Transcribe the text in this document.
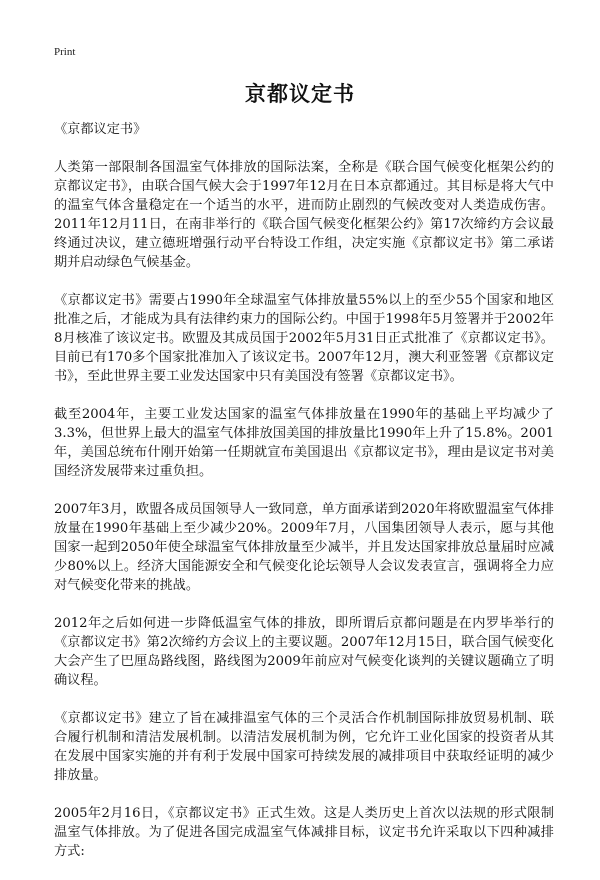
Print
京都议定书
《京都议定书》

人类第一部限制各国温室气体排放的国际法案，全称是《联合国气候变化框架公约的京都议定书》，由联合国气候大会于1997年12月在日本京都通过。其目标是将大气中的温室气体含量稳定在一个适当的水平，进而防止剧烈的气候改变对人类造成伤害。2011年12月11日，在南非举行的《联合国气候变化框架公约》第17次缔约方会议最终通过决议，建立德班增强行动平台特设工作组，决定实施《京都议定书》第二承诺期并启动绿色气候基金。

《京都议定书》需要占1990年全球温室气体排放量55%以上的至少55个国家和地区批准之后，才能成为具有法律约束力的国际公约。中国于1998年5月签署并于2002年8月核准了该议定书。欧盟及其成员国于2002年5月31日正式批准了《京都议定书》。目前已有170多个国家批准加入了该议定书。2007年12月，澳大利亚签署《京都议定书》，至此世界主要工业发达国家中只有美国没有签署《京都议定书》。

截至2004年，主要工业发达国家的温室气体排放量在1990年的基础上平均减少了3.3%，但世界上最大的温室气体排放国美国的排放量比1990年上升了15.8%。2001年，美国总统布什刚开始第一任期就宣布美国退出《京都议定书》，理由是议定书对美国经济发展带来过重负担。

2007年3月，欧盟各成员国领导人一致同意，单方面承诺到2020年将欧盟温室气体排放量在1990年基础上至少减少20%。2009年7月，八国集团领导人表示，愿与其他国家一起到2050年使全球温室气体排放量至少减半，并且发达国家排放总量届时应减少80%以上。经济大国能源安全和气候变化论坛领导人会议发表宣言，强调将全力应对气候变化带来的挑战。

2012年之后如何进一步降低温室气体的排放，即所谓后京都问题是在内罗毕举行的《京都议定书》第2次缔约方会议上的主要议题。2007年12月15日，联合国气候变化大会产生了巴厘岛路线图，路线图为2009年前应对气候变化谈判的关键议题确立了明确议程。

《京都议定书》建立了旨在减排温室气体的三个灵活合作机制国际排放贸易机制、联合履行机制和清洁发展机制。以清洁发展机制为例，它允许工业化国家的投资者从其在发展中国家实施的并有利于发展中国家可持续发展的减排项目中获取经证明的减少排放量。

2005年2月16日，《京都议定书》正式生效。这是人类历史上首次以法规的形式限制温室气体排放。为了促进各国完成温室气体减排目标，议定书允许采取以下四种减排方式:
